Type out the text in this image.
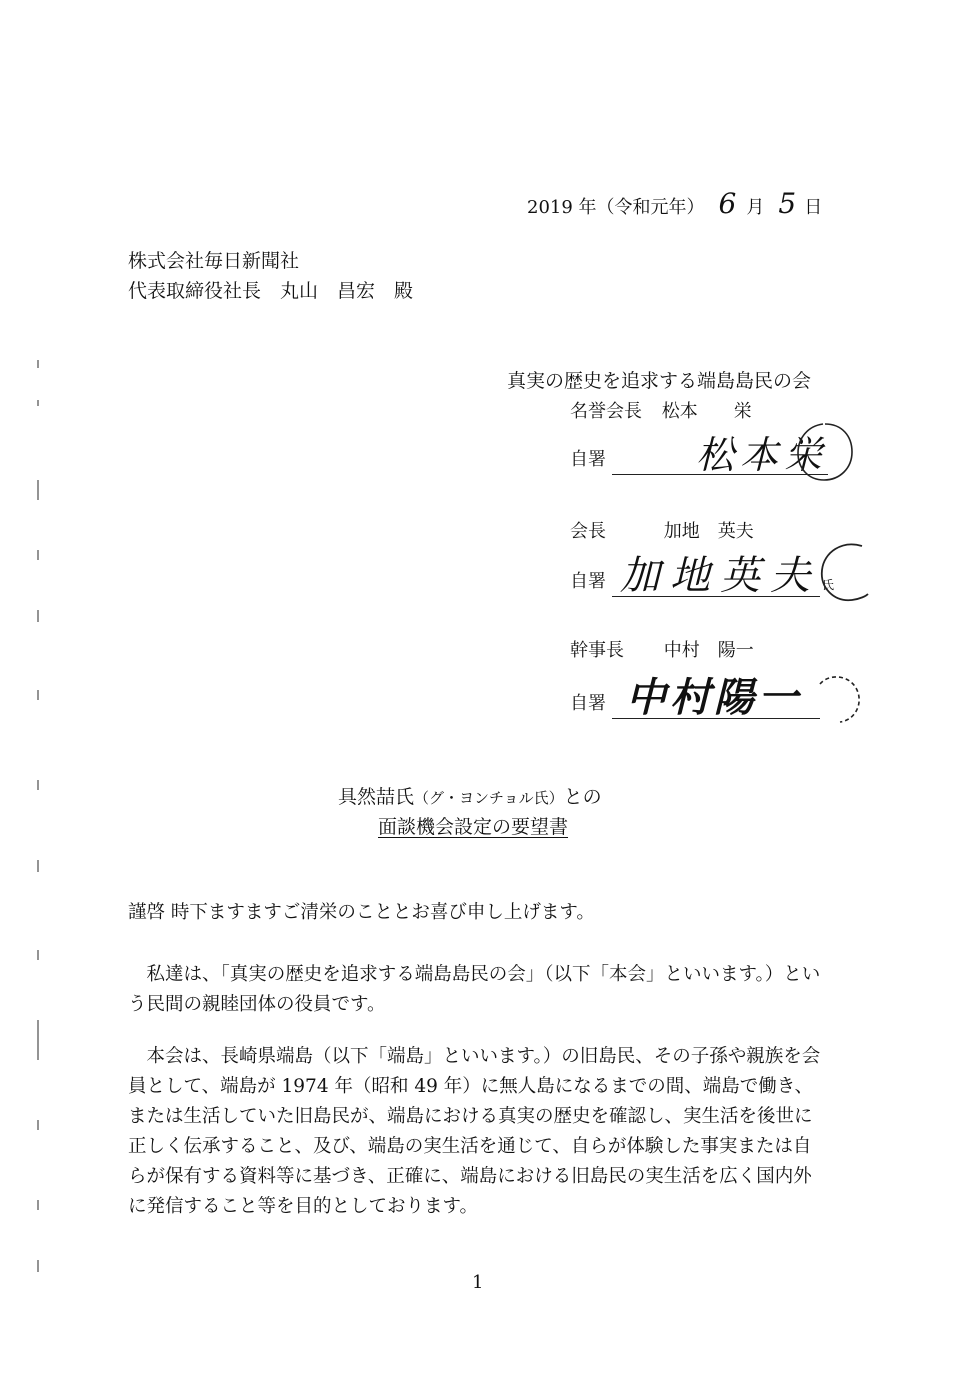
2019 年（令和元年） 6 月 5 日
株式会社毎日新聞社
代表取締役社長　丸山　昌宏　殿
真実の歴史を追求する端島島民の会
名誉会長 松本　　栄
自署 松本栄
会長	加地　英夫
自署 加地英夫 氏
幹事長 中村　陽一
自署 中村陽一
具然喆氏（グ・ヨンチョル氏）との
面談機会設定の要望書
謹啓 時下ますますご清栄のこととお喜び申し上げます。
　私達は、「真実の歴史を追求する端島島民の会」（以下「本会」といいます。）という民間の親睦団体の役員です。
　本会は、長崎県端島（以下「端島」といいます。）の旧島民、その子孫や親族を会員として、端島が 1974 年（昭和 49 年）に無人島になるまでの間、端島で働き、または生活していた旧島民が、端島における真実の歴史を確認し、実生活を後世に正しく伝承すること、及び、端島の実生活を通じて、自らが体験した事実または自らが保有する資料等に基づき、正確に、端島における旧島民の実生活を広く国内外に発信すること等を目的としております。
1
